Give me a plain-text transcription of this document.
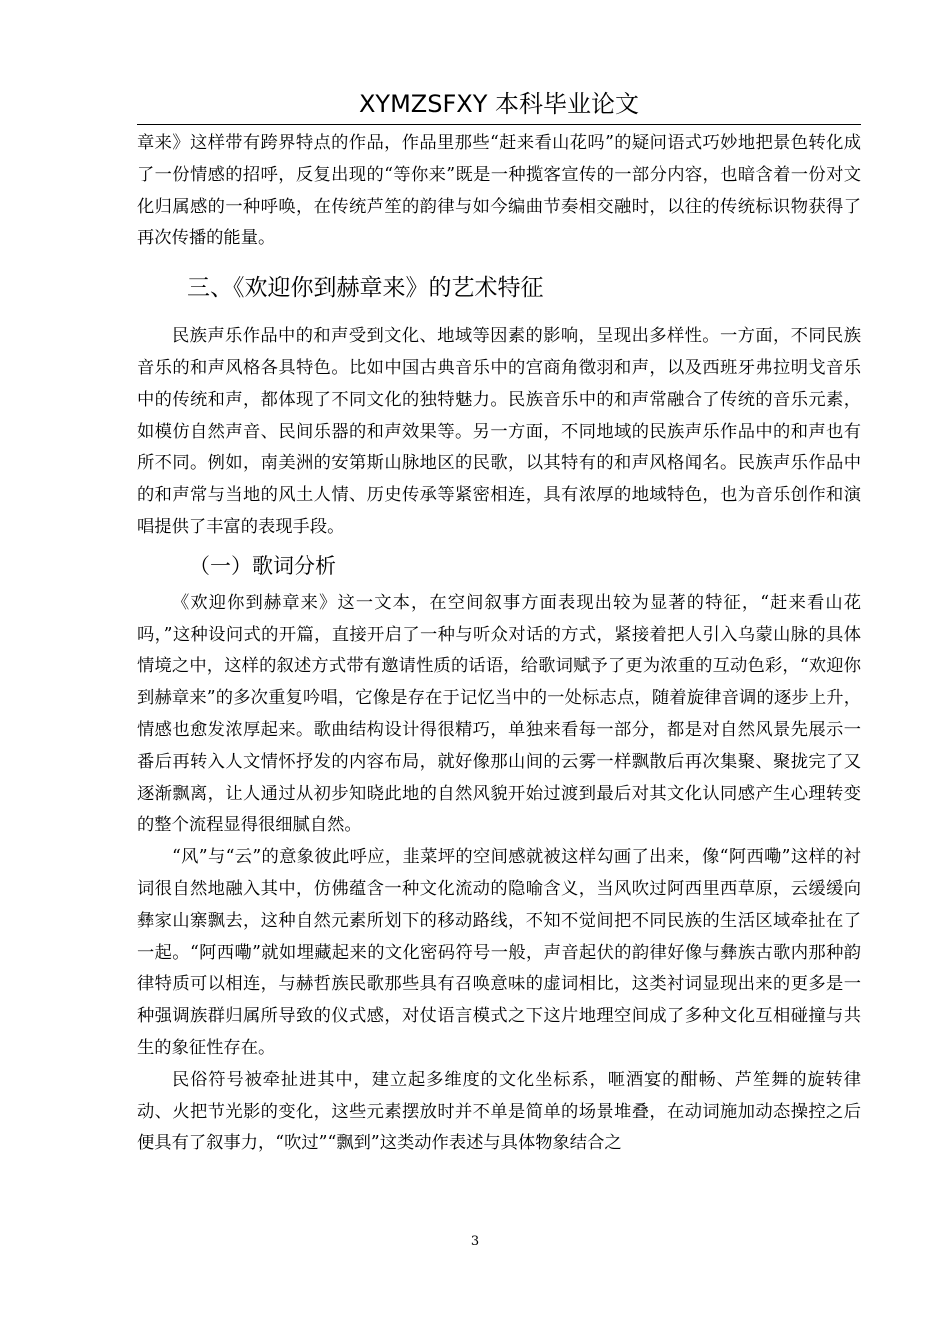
XYMZSFXY 本科毕业论文

章来》这样带有跨界特点的作品，作品里那些“赶来看山花吗”的疑问语式巧妙地把景色转化成了一份情感的招呼，反复出现的“等你来”既是一种揽客宣传的一部分内容，也暗含着一份对文化归属感的一种呼唤，在传统芦笙的韵律与如今编曲节奏相交融时，以往的传统标识物获得了再次传播的能量。

三、《欢迎你到赫章来》的艺术特征

民族声乐作品中的和声受到文化、地域等因素的影响，呈现出多样性。一方面，不同民族音乐的和声风格各具特色。比如中国古典音乐中的宫商角徵羽和声，以及西班牙弗拉明戈音乐中的传统和声，都体现了不同文化的独特魅力。民族音乐中的和声常融合了传统的音乐元素，如模仿自然声音、民间乐器的和声效果等。另一方面，不同地域的民族声乐作品中的和声也有所不同。例如，南美洲的安第斯山脉地区的民歌，以其特有的和声风格闻名。民族声乐作品中的和声常与当地的风土人情、历史传承等紧密相连，具有浓厚的地域特色，也为音乐创作和演唱提供了丰富的表现手段。

（一）歌词分析

《欢迎你到赫章来》这一文本，在空间叙事方面表现出较为显著的特征，“赶来看山花吗，”这种设问式的开篇，直接开启了一种与听众对话的方式，紧接着把人引入乌蒙山脉的具体情境之中，这样的叙述方式带有邀请性质的话语，给歌词赋予了更为浓重的互动色彩，“欢迎你到赫章来”的多次重复吟唱，它像是存在于记忆当中的一处标志点，随着旋律音调的逐步上升，情感也愈发浓厚起来。歌曲结构设计得很精巧，单独来看每一部分，都是对自然风景先展示一番后再转入人文情怀抒发的内容布局，就好像那山间的云雾一样飘散后再次集聚、聚拢完了又逐渐飘离，让人通过从初步知晓此地的自然风貌开始过渡到最后对其文化认同感产生心理转变的整个流程显得很细腻自然。

“风”与“云”的意象彼此呼应，韭菜坪的空间感就被这样勾画了出来，像“阿西嘞”这样的衬词很自然地融入其中，仿佛蕴含一种文化流动的隐喻含义，当风吹过阿西里西草原，云缓缓向彝家山寨飘去，这种自然元素所划下的移动路线，不知不觉间把不同民族的生活区域牵扯在了一起。“阿西嘞”就如埋藏起来的文化密码符号一般，声音起伏的韵律好像与彝族古歌内那种韵律特质可以相连，与赫哲族民歌那些具有召唤意味的虚词相比，这类衬词显现出来的更多是一种强调族群归属所导致的仪式感，对仗语言模式之下这片地理空间成了多种文化互相碰撞与共生的象征性存在。

民俗符号被牵扯进其中，建立起多维度的文化坐标系，咂酒宴的酣畅、芦笙舞的旋转律动、火把节光影的变化，这些元素摆放时并不单是简单的场景堆叠，在动词施加动态操控之后便具有了叙事力，“吹过”“飘到”这类动作表述与具体物象结合之

3
